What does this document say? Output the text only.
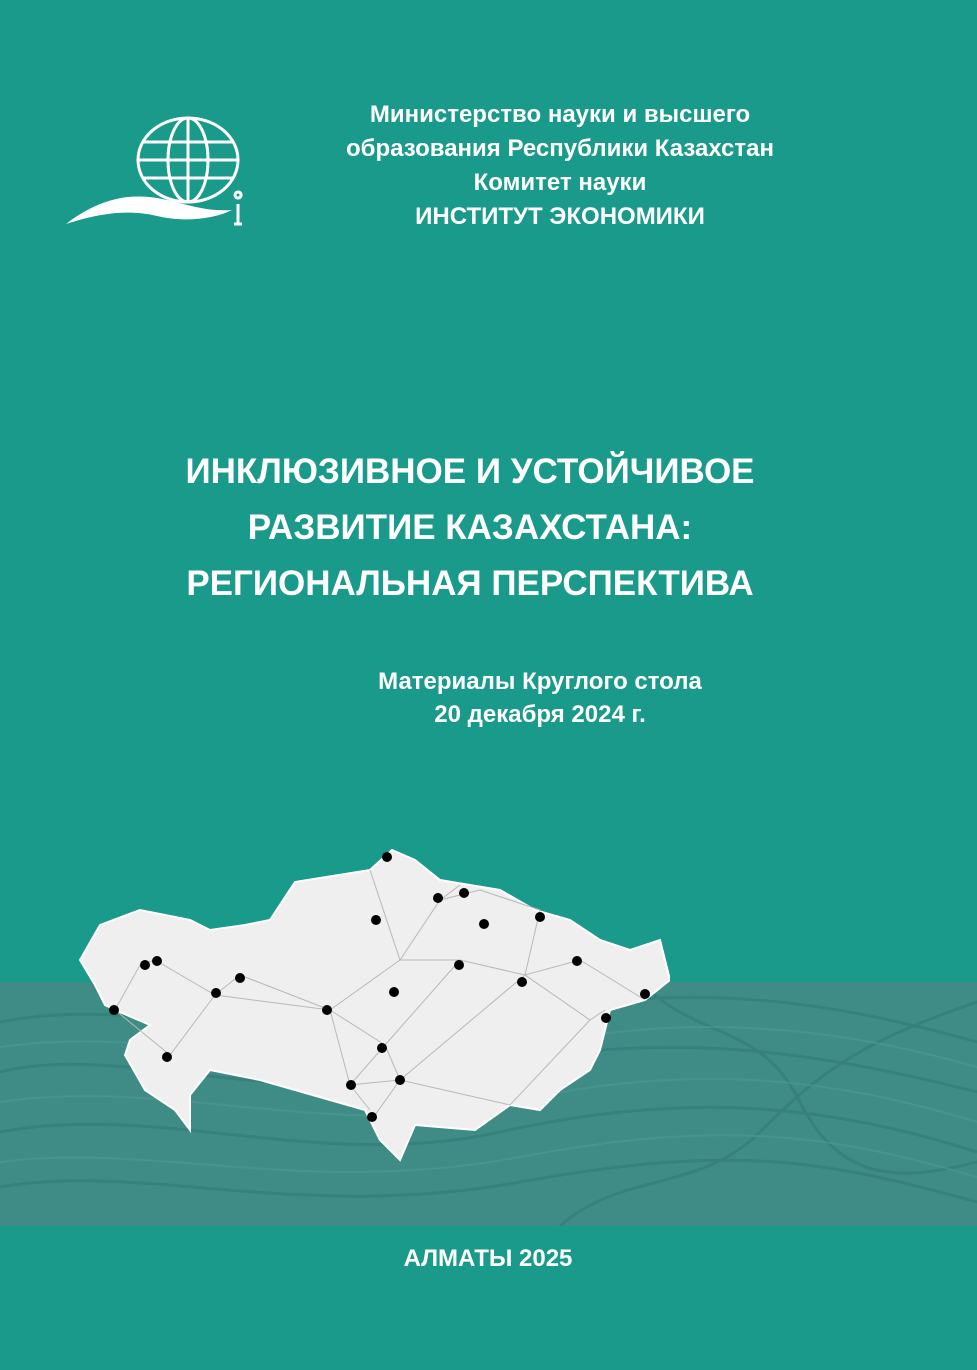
Министерство науки и высшего
образования Республики Казахстан
Комитет науки
ИНСТИТУТ ЭКОНОМИКИ
ИНКЛЮЗИВНОЕ И УСТОЙЧИВОЕ
РАЗВИТИЕ КАЗАХСТАНА:
РЕГИОНАЛЬНАЯ ПЕРСПЕКТИВА
Материалы Круглого стола
20 декабря 2024 г.
АЛМАТЫ 2025
